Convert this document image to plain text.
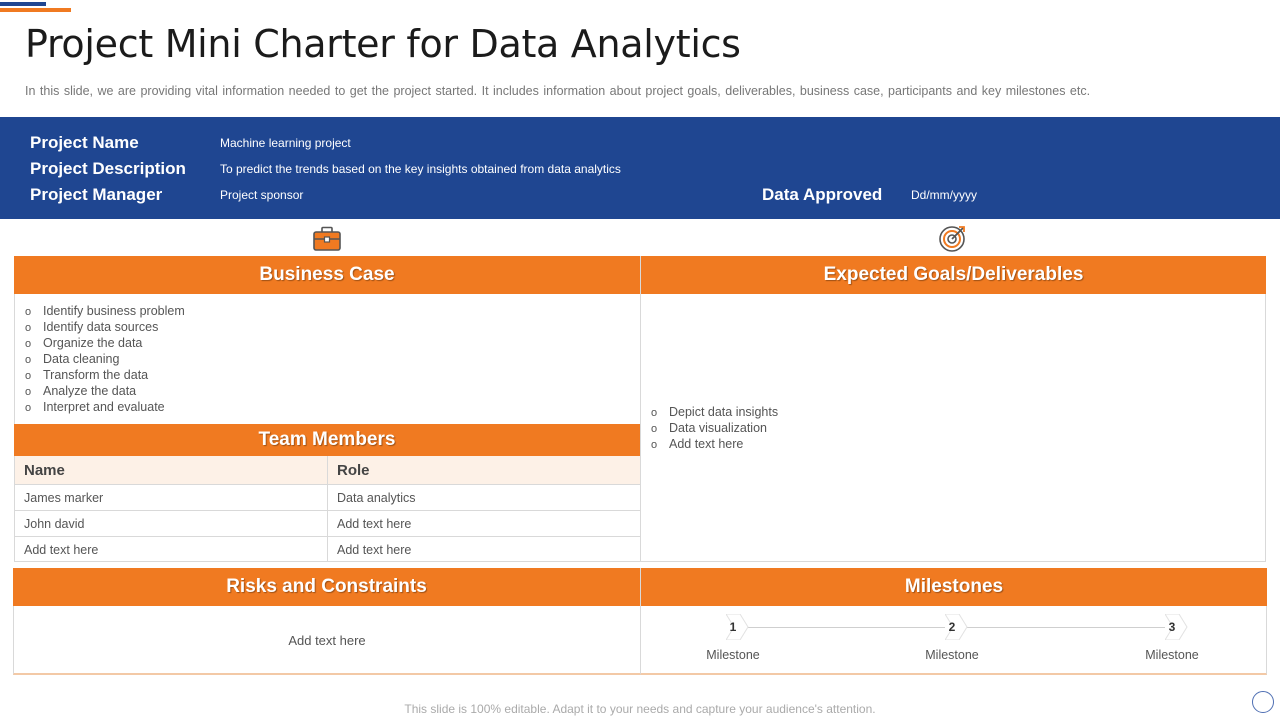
Project Mini Charter for Data Analytics
In this slide, we are providing vital information needed to get the project started. It includes information about project goals, deliverables, business case, participants and key milestones etc.
Project Name	Machine learning project
Project Description	To predict the trends based on the key insights obtained from data analytics
Project Manager	Project sponsor	Data Approved Dd/mm/yyyy
Business Case
o Identify business problem
o Identify data sources
o Organize the data
o Data cleaning
o Transform the data
o Analyze the data
o Interpret and evaluate
Team Members
Name	Role
James marker	Data analytics
John david	Add text here
Add text here	Add text here
Expected Goals/Deliverables
o Depict data insights
o Data visualization
o Add text here
Risks and Constraints
Add text here
Milestones
1	2	3
Milestone	Milestone	Milestone
This slide is 100% editable. Adapt it to your needs and capture your audience's attention.
